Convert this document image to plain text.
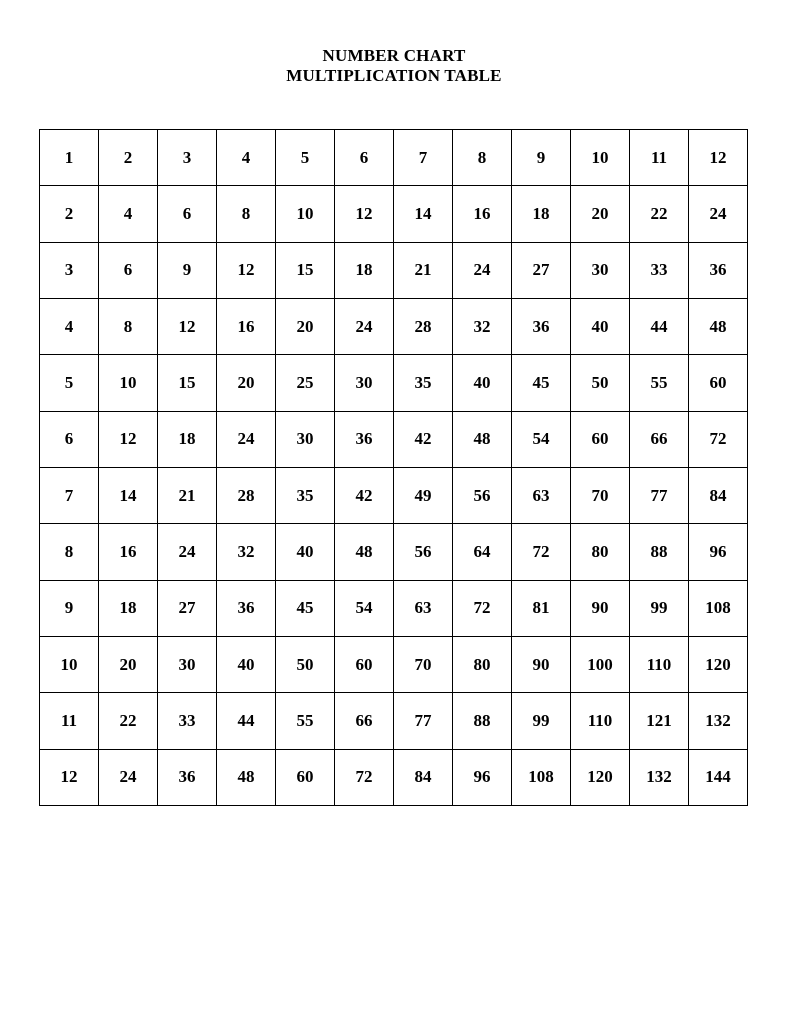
NUMBER CHART
MULTIPLICATION TABLE
1	2	3	4	5	6	7	8	9	10	11	12
2	4	6	8	10	12	14	16	18	20	22	24
3	6	9	12	15	18	21	24	27	30	33	36
4	8	12	16	20	24	28	32	36	40	44	48
5	10	15	20	25	30	35	40	45	50	55	60
6	12	18	24	30	36	42	48	54	60	66	72
7	14	21	28	35	42	49	56	63	70	77	84
8	16	24	32	40	48	56	64	72	80	88	96
9	18	27	36	45	54	63	72	81	90	99	108
10	20	30	40	50	60	70	80	90	100	110	120
11	22	33	44	55	66	77	88	99	110	121	132
12	24	36	48	60	72	84	96	108	120	132	144
